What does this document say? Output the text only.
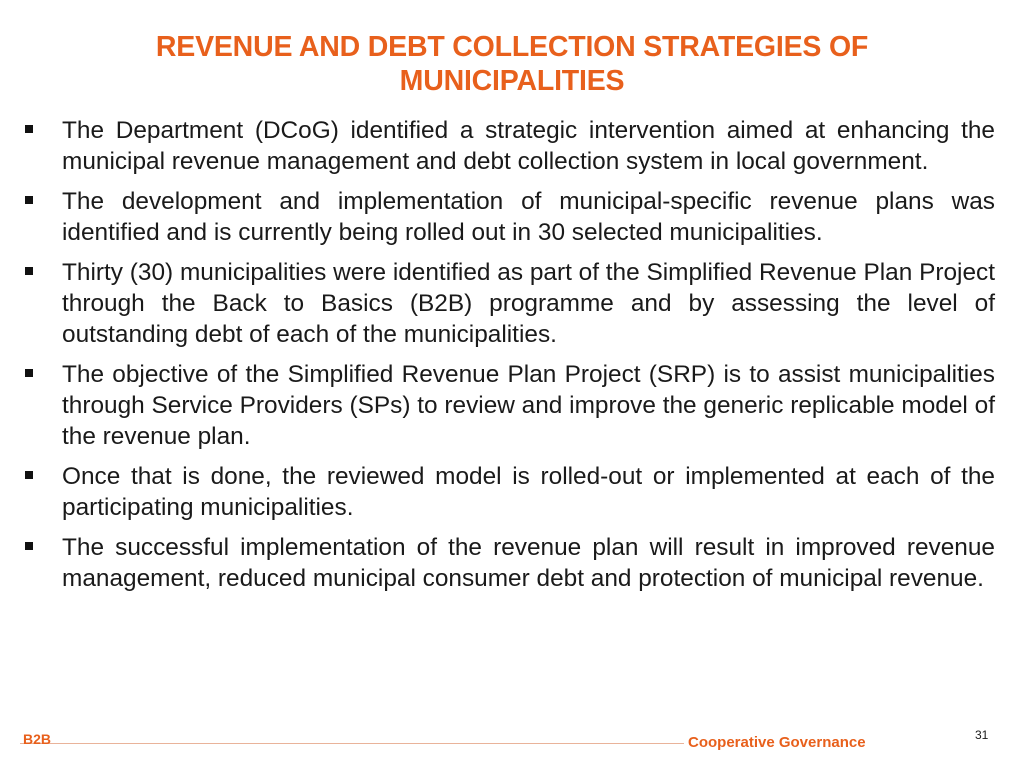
REVENUE AND DEBT COLLECTION STRATEGIES OF MUNICIPALITIES
The Department (DCoG) identified a strategic intervention aimed at enhancing the municipal revenue management and debt collection system in local government.
The development and implementation of municipal-specific revenue plans was identified and is currently being rolled out in 30 selected municipalities.
Thirty (30) municipalities were identified as part of the Simplified Revenue Plan Project through the Back to Basics (B2B) programme and by assessing the level of outstanding debt of each of the municipalities.
The objective of the Simplified Revenue Plan Project (SRP) is to assist municipalities through Service Providers (SPs) to review and improve the generic replicable model of the revenue plan.
Once that is done, the reviewed model is rolled-out or implemented at each of the participating municipalities.
The successful implementation of the revenue plan will result in improved revenue management, reduced municipal consumer debt and protection of municipal revenue.
B2B	Cooperative Governance	31
